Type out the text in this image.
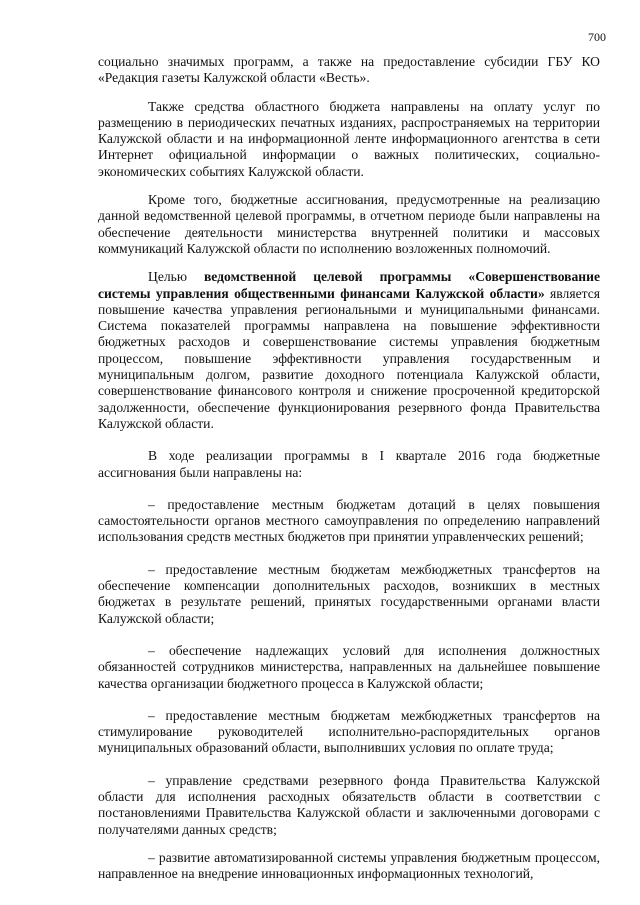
700

социально значимых программ, а также на предоставление субсидии ГБУ КО «Редакция газеты Калужской области «Весть».

Также средства областного бюджета направлены на оплату услуг по размещению в периодических печатных изданиях, распространяемых на территории Калужской области и на информационной ленте информационного агентства в сети Интернет официальной информации о важных политических, социально-экономических событиях Калужской области.

Кроме того, бюджетные ассигнования, предусмотренные на реализацию данной ведомственной целевой программы, в отчетном периоде были направлены на обеспечение деятельности министерства внутренней политики и массовых коммуникаций Калужской области по исполнению возложенных полномочий.

Целью ведомственной целевой программы «Совершенствование системы управления общественными финансами Калужской области» является повышение качества управления региональными и муниципальными финансами. Система показателей программы направлена на повышение эффективности бюджетных расходов и совершенствование системы управления бюджетным процессом, повышение эффективности управления государственным и муниципальным долгом, развитие доходного потенциала Калужской области, совершенствование финансового контроля и снижение просроченной кредиторской задолженности, обеспечение функционирования резервного фонда Правительства Калужской области.

В ходе реализации программы в I квартале 2016 года бюджетные ассигнования были направлены на:

– предоставление местным бюджетам дотаций в целях повышения самостоятельности органов местного самоуправления по определению направлений использования средств местных бюджетов при принятии управленческих решений;

– предоставление местным бюджетам межбюджетных трансфертов на обеспечение компенсации дополнительных расходов, возникших в местных бюджетах в результате решений, принятых государственными органами власти Калужской области;

– обеспечение надлежащих условий для исполнения должностных обязанностей сотрудников министерства, направленных на дальнейшее повышение качества организации бюджетного процесса в Калужской области;

– предоставление местным бюджетам межбюджетных трансфертов на стимулирование руководителей исполнительно-распорядительных органов муниципальных образований области, выполнивших условия по оплате труда;

– управление средствами резервного фонда Правительства Калужской области для исполнения расходных обязательств области в соответствии с постановлениями Правительства Калужской области и заключенными договорами с получателями данных средств;

– развитие автоматизированной системы управления бюджетным процессом, направленное на внедрение инновационных информационных технологий,
